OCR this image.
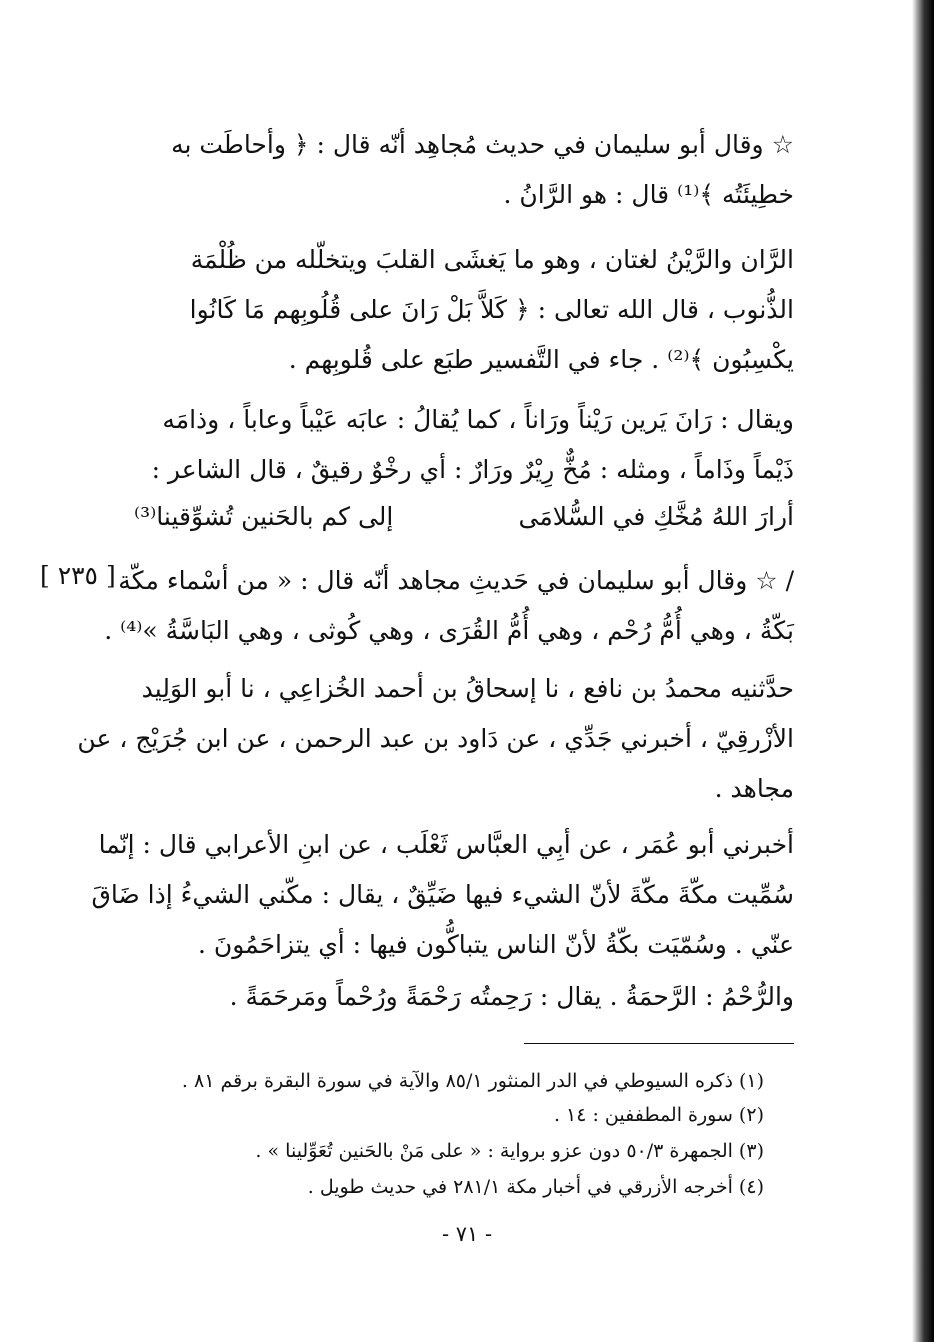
☆ وقال أبو سليمان في حديث مُجاهِد أنّه قال : ﴿ وأحاطَت به
خطِيئَتُه ﴾⁽¹⁾ قال : هو الرَّانُ .
الرَّان والرَّيْنُ لغتان ، وهو ما يَغشَى القلبَ ويتخلّله من ظُلْمَة
الذُّنوب ، قال الله تعالى : ﴿ كَلاَّ بَلْ رَانَ على قُلُوبِهم مَا كَانُوا
يكْسِبُون ﴾⁽²⁾ . جاء في التَّفسير طبَع على قُلوبِهم .
ويقال : رَانَ يَرين رَيْناً ورَاناً ، كما يُقالُ : عابَه عَيْباً وعاباً ، وذامَه
ذَيْماً وذَاماً ، ومثله : مُخٌّ رِيْرٌ ورَارٌ : أي رخْوٌ رقيقٌ ، قال الشاعر :
أرارَ اللهُ مُخَّكِ في السُّلامَى
إلى كم بالحَنين تُشوِّقينا⁽³⁾
[ ٢٣٥ ] / ☆ وقال أبو سليمان في حَديثِ مجاهد أنّه قال : « من أسْماء مكّة
بَكّةُ ، وهي أُمُّ رُحْم ، وهي أُمُّ القُرَى ، وهي كُوثى ، وهي البَاسَّةُ »⁽⁴⁾ .
حدَّثنيه محمدُ بن نافع ، نا إسحاقُ بن أحمد الخُزاعِي ، نا أبو الوَلِيد
الأزْرقِيّ ، أخبرني جَدِّي ، عن دَاود بن عبد الرحمن ، عن ابن جُرَيْج ، عن
مجاهد .
أخبرني أبو عُمَر ، عن أبِي العبَّاس ثَعْلَب ، عن ابنِ الأعرابي قال : إنّما
سُمِّيت مكّةَ مكّةَ لأنّ الشيء فيها ضَيِّقٌ ، يقال : مكّني الشيءُ إذا ضَاقَ
عنّي . وسُمّيَت بكّةُ لأنّ الناس يتباكُّون فيها : أي يتزاحَمُونَ .
والرُّحْمُ : الرَّحمَةُ . يقال : رَحِمتُه رَحْمَةً ورُحْماً ومَرحَمَةً .
(١) ذكره السيوطي في الدر المنثور ٨٥/١ والآية في سورة البقرة برقم ٨١ .
(٢) سورة المطففين : ١٤ .
(٣) الجمهرة ٥٠/٣ دون عزو برواية : « على مَنْ بالحَنين تُعَوِّلينا » .
(٤) أخرجه الأزرقي في أخبار مكة ٢٨١/١ في حديث طويل .
- ٧١ -
